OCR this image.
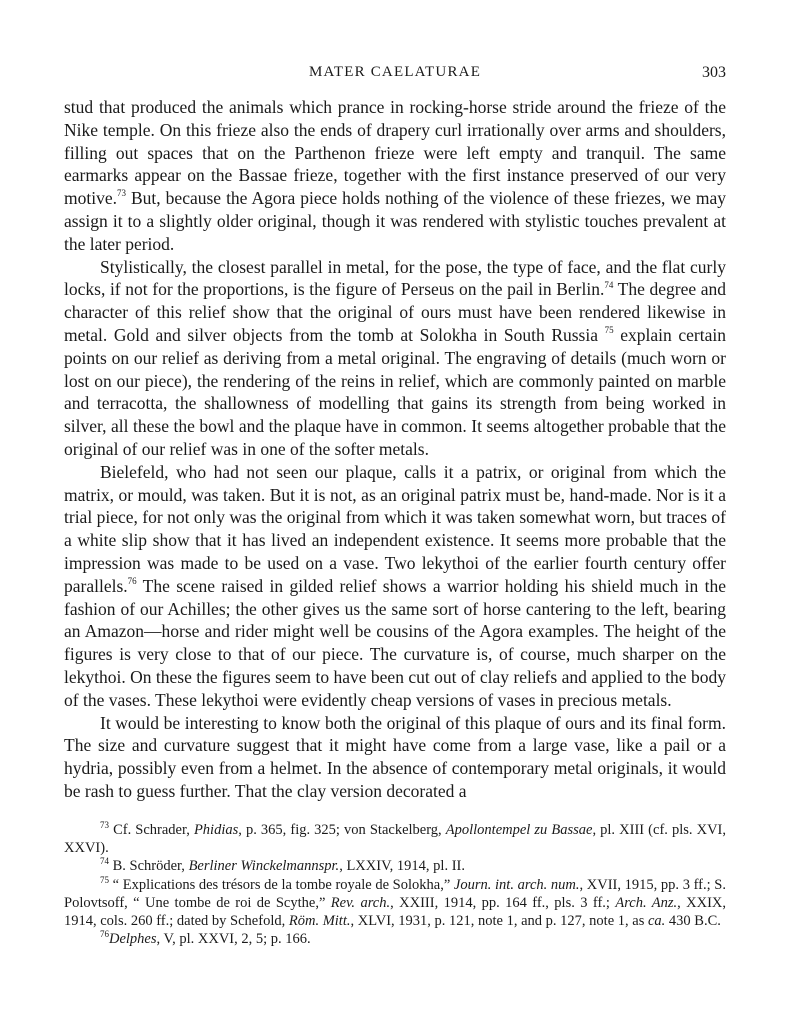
MATER CAELATURAE	303

stud that produced the animals which prance in rocking-horse stride around the frieze of the Nike temple. On this frieze also the ends of drapery curl irrationally over arms and shoulders, filling out spaces that on the Parthenon frieze were left empty and tranquil. The same earmarks appear on the Bassae frieze, together with the first instance preserved of our very motive.$^{73}$ But, because the Agora piece holds nothing of the violence of these friezes, we may assign it to a slightly older original, though it was rendered with stylistic touches prevalent at the later period.

Stylistically, the closest parallel in metal, for the pose, the type of face, and the flat curly locks, if not for the proportions, is the figure of Perseus on the pail in Berlin.$^{74}$ The degree and character of this relief show that the original of ours must have been rendered likewise in metal. Gold and silver objects from the tomb at Solokha in South Russia $^{75}$ explain certain points on our relief as deriving from a metal original. The engraving of details (much worn or lost on our piece), the rendering of the reins in relief, which are commonly painted on marble and terracotta, the shallowness of modelling that gains its strength from being worked in silver, all these the bowl and the plaque have in common. It seems altogether probable that the original of our relief was in one of the softer metals.

Bielefeld, who had not seen our plaque, calls it a patrix, or original from which the matrix, or mould, was taken. But it is not, as an original patrix must be, hand-made. Nor is it a trial piece, for not only was the original from which it was taken somewhat worn, but traces of a white slip show that it has lived an independent existence. It seems more probable that the impression was made to be used on a vase. Two lekythoi of the earlier fourth century offer parallels.$^{76}$ The scene raised in gilded relief shows a warrior holding his shield much in the fashion of our Achilles; the other gives us the same sort of horse cantering to the left, bearing an Amazon—horse and rider might well be cousins of the Agora examples. The height of the figures is very close to that of our piece. The curvature is, of course, much sharper on the lekythoi. On these the figures seem to have been cut out of clay reliefs and applied to the body of the vases. These lekythoi were evidently cheap versions of vases in precious metals.

It would be interesting to know both the original of this plaque of ours and its final form. The size and curvature suggest that it might have come from a large vase, like a pail or a hydria, possibly even from a helmet. In the absence of contemporary metal originals, it would be rash to guess further. That the clay version decorated a

$^{73}$ Cf. Schrader, Phidias, p. 365, fig. 325; von Stackelberg, Apollontempel zu Bassae, pl. XIII (cf. pls. XVI, XXVI).

$^{74}$ B. Schröder, Berliner Winckelmannspr., LXXIV, 1914, pl. II.

$^{75}$ “ Explications des trésors de la tombe royale de Solokha,” Journ. int. arch. num., XVII, 1915, pp. 3 ff.; S. Polovtsoff, “ Une tombe de roi de Scythe,” Rev. arch., XXIII, 1914, pp. 164 ff., pls. 3 ff.; Arch. Anz., XXIX, 1914, cols. 260 ff.; dated by Schefold, Röm. Mitt., XLVI, 1931, p. 121, note 1, and p. 127, note 1, as ca. 430 B.C.

$^{76}$Delphes, V, pl. XXVI, 2, 5; p. 166.
